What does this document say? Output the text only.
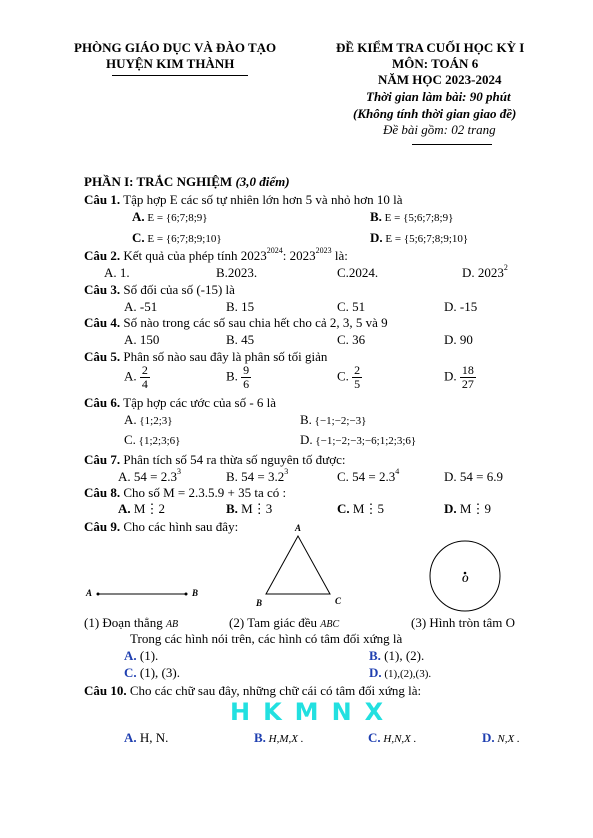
PHÒNG GIÁO DỤC VÀ ĐÀO TẠO
HUYỆN KIM THÀNH
ĐỀ KIỂM TRA CUỐI HỌC KỲ I
MÔN: TOÁN 6
NĂM HỌC 2023-2024
Thời gian làm bài: 90 phút
(Không tính thời gian giao đề)
Đề bài gồm: 02 trang
PHẦN I: TRẮC NGHIỆM (3,0 điểm)
Câu 1. Tập hợp E các số tự nhiên lớn hơn 5 và nhỏ hơn 10 là
A. E = {6;7;8;9}	B. E = {5;6;7;8;9}
C. E = {6;7;8;9;10}	D. E = {5;6;7;8;9;10}
Câu 2. Kết quả của phép tính $2023^{2024}$: $2023^{2023}$ là:
A. 1.	B.2023.	C.2024.	D. 2023$^2$
Câu 3. Số đối của số (-15) là
A. -51	B. 15	C. 51	D. -15
Câu 4. Số nào trong các số sau chia hết cho cả 2, 3, 5 và 9
A. 150	B. 45	C. 36	D. 90
Câu 5. Phân số nào sau đây là phân số tối giản
A. $\frac{2}{4}$	B. $\frac{9}{6}$	C. $\frac{2}{5}$	D. $\frac{18}{27}$
Câu 6. Tập hợp các ước của số - 6 là
A. {1;2;3}	B. {−1;−2;−3}
C. {1;2;3;6}	D. {−1;−2;−3;−6;1;2;3;6}
Câu 7. Phân tích số 54 ra thừa số nguyên tố được:
A. $54 = 2.3^3$	B. $54 = 3.2^3$	C. $54 = 2.3^4$	D. 54 = 6.9
Câu 8. Cho số M = 2.3.5.9 + 35 ta có :
A. M⋮2	B. M⋮3	C. M⋮5	D. M⋮9
Câu 9. Cho các hình sau đây:
A	B
A
B	C
O
(1) Đoạn thẳng AB	(2) Tam giác đều ABC	(3) Hình tròn tâm O
Trong các hình nói trên, các hình có tâm đối xứng là
A. (1).	B. (1), (2).
C. (1), (3).	D. (1),(2),(3).
Câu 10. Cho các chữ sau đây, những chữ cái có tâm đối xứng là:
HKMNX
A. H, N.	B. H,M,X .	C. H,N,X .	D. N,X .
